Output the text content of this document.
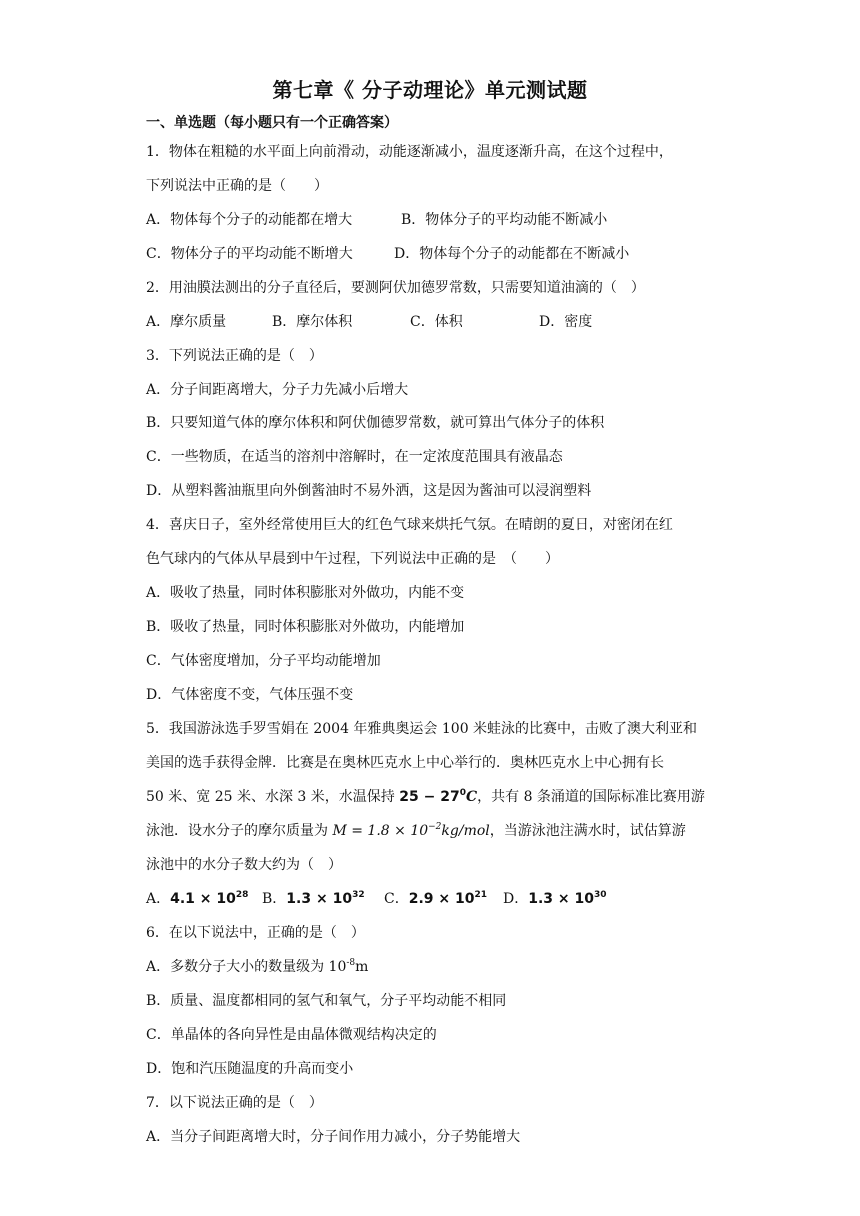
第七章《 分子动理论》单元测试题
一、单选题（每小题只有一个正确答案）
1．物体在粗糙的水平面上向前滑动，动能逐渐减小，温度逐渐升高，在这个过程中，
下列说法中正确的是（　　）
A．物体每个分子的动能都在增大	B．物体分子的平均动能不断减小
C．物体分子的平均动能不断增大	D．物体每个分子的动能都在不断减小
2．用油膜法测出的分子直径后，要测阿伏加德罗常数，只需要知道油滴的（　）
A．摩尔质量	B．摩尔体积	C．体积	D．密度
3．下列说法正确的是（　）
A．分子间距离增大，分子力先减小后增大
B．只要知道气体的摩尔体积和阿伏伽德罗常数，就可算出气体分子的体积
C．一些物质，在适当的溶剂中溶解时，在一定浓度范围具有液晶态
D．从塑料酱油瓶里向外倒酱油时不易外洒，这是因为酱油可以浸润塑料
4．喜庆日子，室外经常使用巨大的红色气球来烘托气氛。在晴朗的夏日，对密闭在红
色气球内的气体从早晨到中午过程，下列说法中正确的是　（　　）
A．吸收了热量，同时体积膨胀对外做功，内能不变
B．吸收了热量，同时体积膨胀对外做功，内能增加
C．气体密度增加，分子平均动能增加
D．气体密度不变，气体压强不变
5．我国游泳选手罗雪娟在 2004 年雅典奥运会 100 米蛙泳的比赛中，击败了澳大利亚和
美国的选手获得金牌．比赛是在奥林匹克水上中心举行的．奥林匹克水上中心拥有长
50 米、宽 25 米、水深 3 米，水温保持 $25 - 27^0C$，共有 8 条涌道的国际标准比赛用游
泳池．设水分子的摩尔质量为 $M = 1.8 \times 10^{-2}kg$/mol，当游泳池注满水时，试估算游
泳池中的水分子数大约为（　）
A．$4.1 \times 10^{28}$ B．$1.3 \times 10^{32}$ C．$2.9 \times 10^{21}$ D．$1.3 \times 10^{30}$
6．在以下说法中，正确的是（　）
A．多数分子大小的数量级为 $10^{-8}m$
B．质量、温度都相同的氢气和氧气，分子平均动能不相同
C．单晶体的各向异性是由晶体微观结构决定的
D．饱和汽压随温度的升高而变小
7．以下说法正确的是（　）
A．当分子间距离增大时，分子间作用力减小，分子势能增大
